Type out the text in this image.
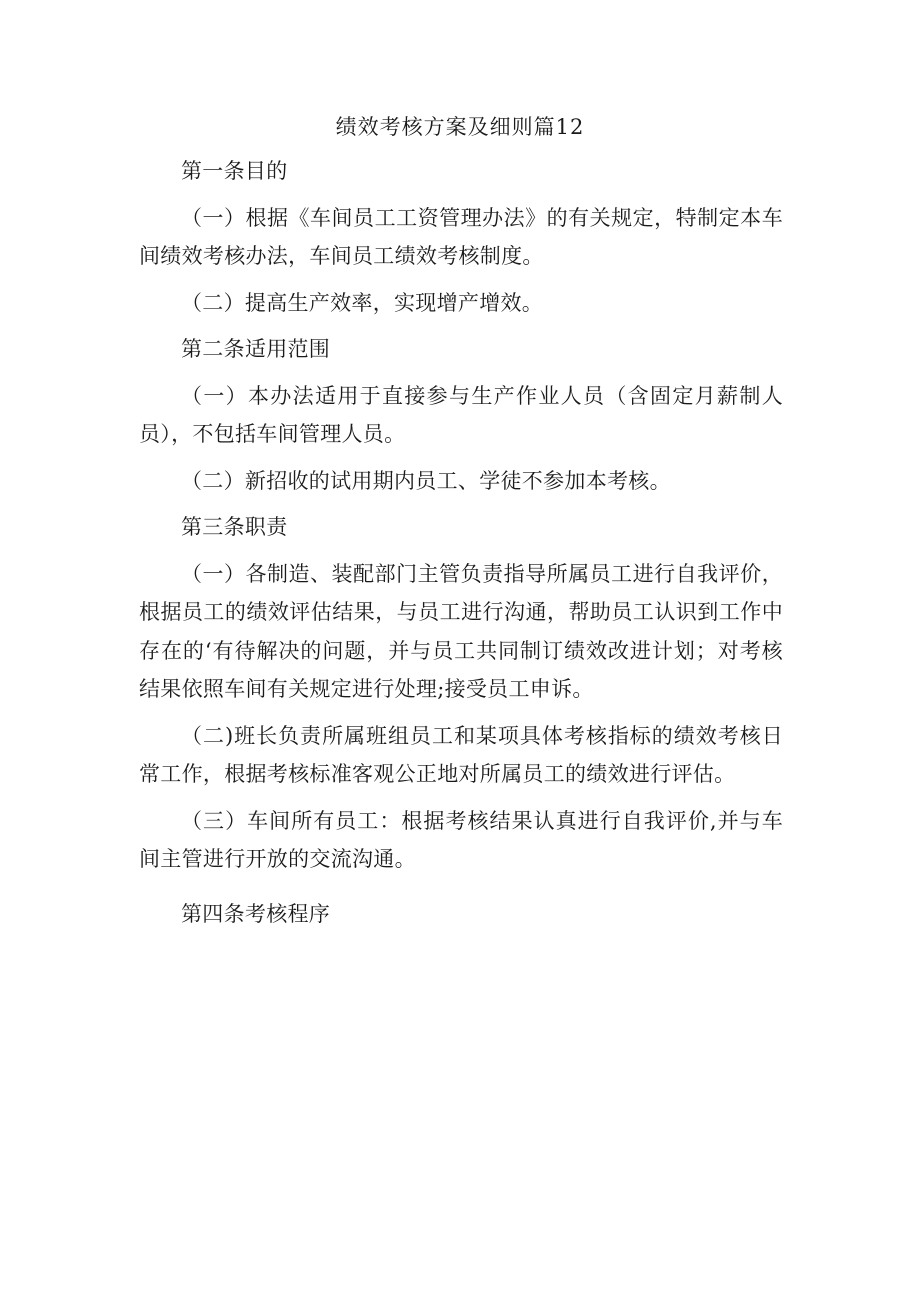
绩效考核方案及细则篇12

第一条目的

（一）根据《车间员工工资管理办法》的有关规定，特制定本车间绩效考核办法，车间员工绩效考核制度。

（二）提高生产效率，实现增产增效。

第二条适用范围

（一）本办法适用于直接参与生产作业人员（含固定月薪制人员），不包括车间管理人员。

（二）新招收的试用期内员工、学徒不参加本考核。

第三条职责

（一）各制造、装配部门主管负责指导所属员工进行自我评价，根据员工的绩效评估结果，与员工进行沟通，帮助员工认识到工作中存在的‘有待解决的问题，并与员工共同制订绩效改进计划；对考核结果依照车间有关规定进行处理;接受员工申诉。

（二)班长负责所属班组员工和某项具体考核指标的绩效考核日常工作，根据考核标准客观公正地对所属员工的绩效进行评估。

（三）车间所有员工：根据考核结果认真进行自我评价,并与车间主管进行开放的交流沟通。

第四条考核程序
